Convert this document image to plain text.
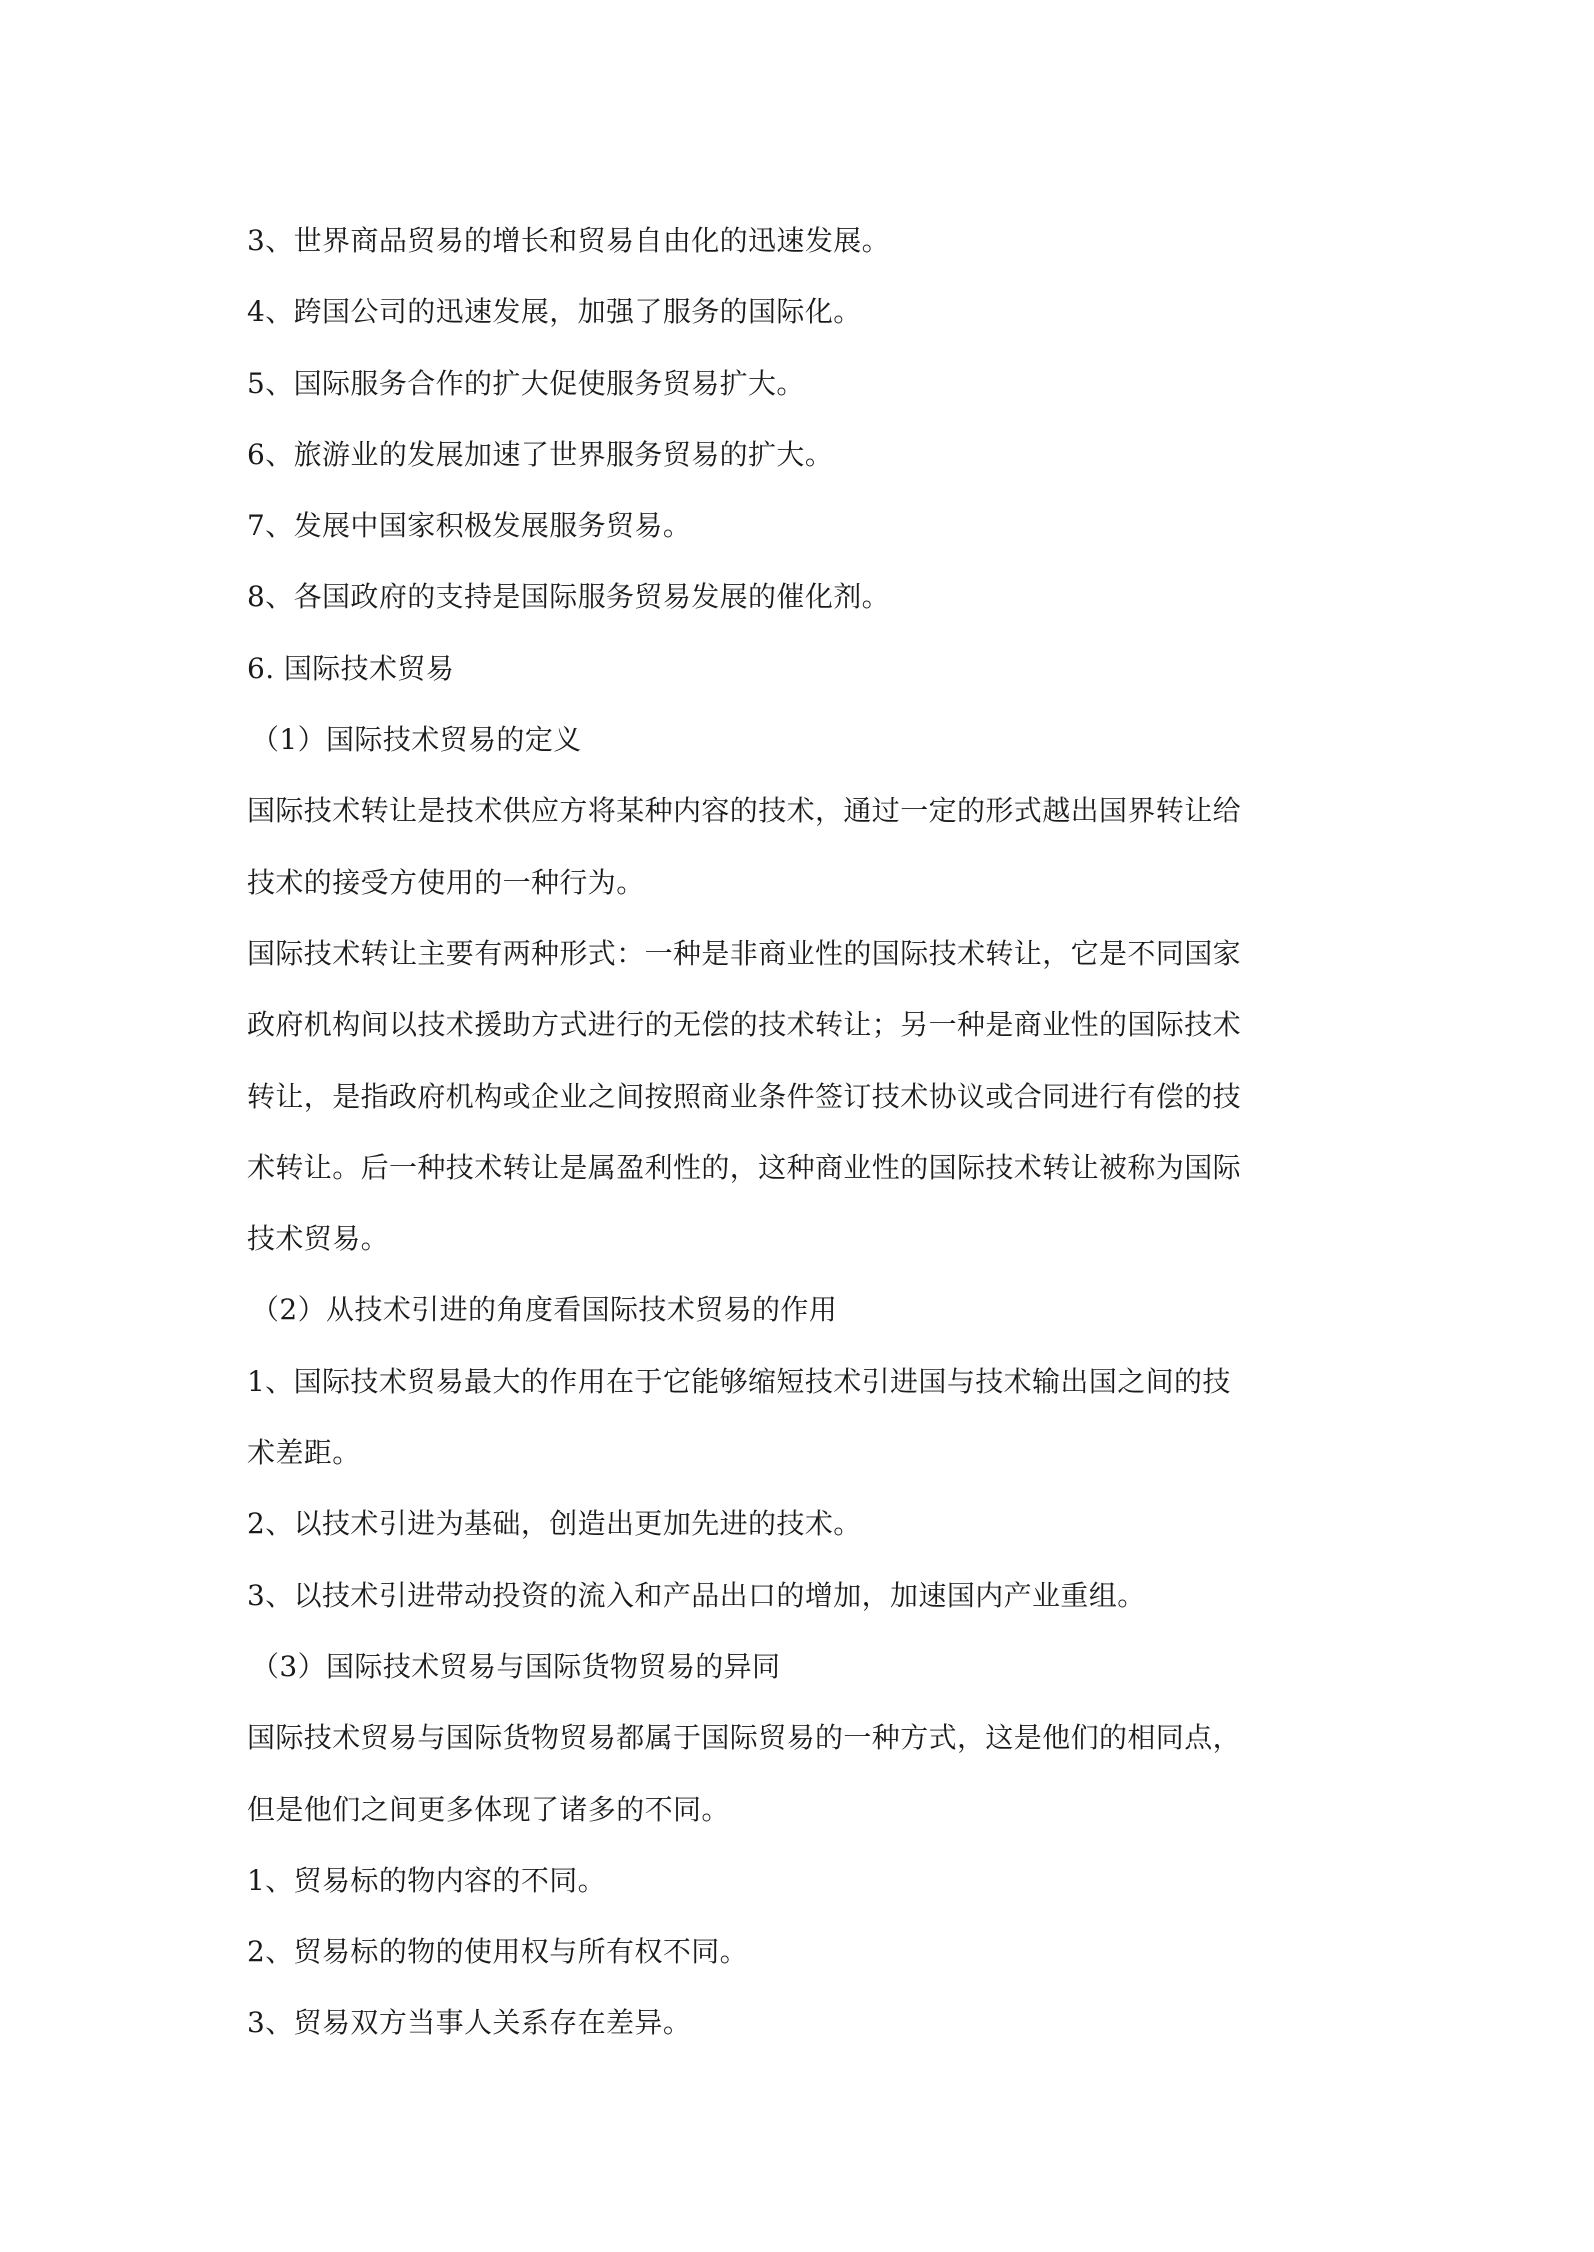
3、世界商品贸易的增长和贸易自由化的迅速发展。
4、跨国公司的迅速发展，加强了服务的国际化。
5、国际服务合作的扩大促使服务贸易扩大。
6、旅游业的发展加速了世界服务贸易的扩大。
7、发展中国家积极发展服务贸易。
8、各国政府的支持是国际服务贸易发展的催化剂。
6. 国际技术贸易
（1）国际技术贸易的定义
国际技术转让是技术供应方将某种内容的技术，通过一定的形式越出国界转让给
技术的接受方使用的一种行为。
国际技术转让主要有两种形式：一种是非商业性的国际技术转让，它是不同国家
政府机构间以技术援助方式进行的无偿的技术转让；另一种是商业性的国际技术
转让，是指政府机构或企业之间按照商业条件签订技术协议或合同进行有偿的技
术转让。后一种技术转让是属盈利性的，这种商业性的国际技术转让被称为国际
技术贸易。
（2）从技术引进的角度看国际技术贸易的作用
1、国际技术贸易最大的作用在于它能够缩短技术引进国与技术输出国之间的技
术差距。
2、以技术引进为基础，创造出更加先进的技术。
3、以技术引进带动投资的流入和产品出口的增加，加速国内产业重组。
（3）国际技术贸易与国际货物贸易的异同
国际技术贸易与国际货物贸易都属于国际贸易的一种方式，这是他们的相同点，
但是他们之间更多体现了诸多的不同。
1、贸易标的物内容的不同。
2、贸易标的物的使用权与所有权不同。
3、贸易双方当事人关系存在差异。
